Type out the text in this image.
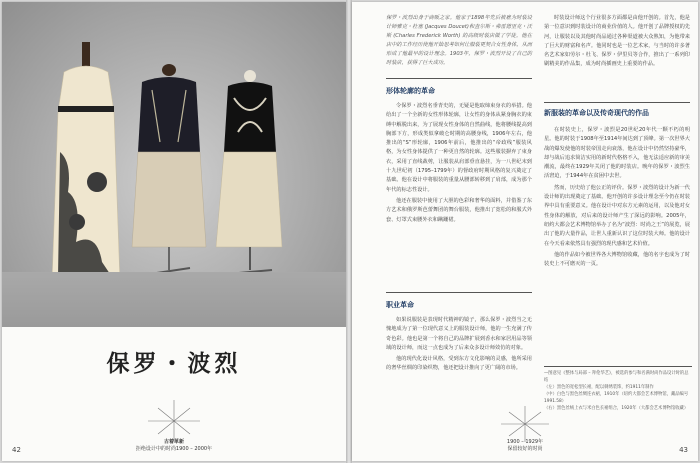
保罗・波烈
古着革新
拒绝设计中的时尚1900 – 2000年
42

保罗・波烈出身于商贩之家。他家于1898年先后被雇为时装设计师雅克・杜塞 (Jacques Doucet)和查尔斯・弗雷德里克・沃斯 (Charles Frederick Worth) 的高级时装店做了学徒。他在店中的工作经历使他开始思考如何让服装更契合女性身体，从而形成了他最早的设计理念。1903年，保罗・波烈开设了自己的时装店，获得了巨大成功。

形体轮廓的革命

令保罗・波烈名垂青史的，无疑是他取缔束身衣的举措。他给出了一个全新的女性形体轮廓，让女性的身体从紧身胸衣的束缚中解脱出来，为了展现女性身体的自然曲线，他将腰线提高到胸部下方，形成类似拿破仑时期的高腰身线，1906年左右，他推出的“S”形轮廓，1906年前后，他推出的“帝政线”服装风格，为女性身体提供了一种更自然的轮廓。这些服装摒弃了束身衣，采用了直线裁剪，让服装从肩部垂直悬挂，为一八世纪末到十九世纪初（1795–1799年）的督政府时期风格的复兴奠定了基础。他在设计中将服装的重量从腰部转移到了肩部，成为那个年代的标志性设计。

他还在服装中使用了大胆的色彩和奢华的面料，并借鉴了东方艺术和俄罗斯芭蕾舞团的舞台服装，他推出了宽松的和服式外套、灯罩式束腰外衣和蹒跚裙。

职业革命

如果说服装是表现时代精神的镜子，那么保罗・波烈当之无愧地成为了第一位现代意义上的服装设计师，他的一生充满了传奇色彩。他也是第一个将自己的品牌扩展到香水和家居用品等领域的设计师，而这一点也成为了后来众多设计师效仿的对象。

他的现代化设计风格，受到东方文化影响的灵感，他所采用的奢华丝绸的印染织物，他还把设计推向了更广阔的市场。

时装设计师这个行业很多方面都是由他开创的。首先，他是第一位意识到时装设计的商业价值的人。他开创了品牌授权的先河，让服装以及其他时尚品通过各种渠道被大众熟知，为他带来了巨大的财富和名声。他同时也是一位艺术家，与当时的许多著名艺术家如劳尔・杜飞、保罗・伊里贝等合作，推出了一系列印刷精美的作品集，成为时尚插画史上重要的作品。

新服装的革命以及传奇现代的作品

在时装史上，保罗・波烈是20世纪20年代一颗不朽的明星。他的时装于1908年至1914年间达到了顶峰。第一次世界大战的爆发使他的时装帝国走向衰落，他在设计中仍然坚持豪华，却与战后追求简洁实用的新时代格格不入，他无法适应新的审美潮流，最终在1929年关闭了他的时装店。晚年的保罗・波烈生活窘迫，于1944年在贫困中去世。

然而，历史给了他公正的评价。保罗・波烈的设计为新一代设计师的出现奠定了基础。他开创的许多设计理念至今仍在时装界中具有重要意义。他在设计中对东方元素的运用，以及他对女性身体的解放，对后来的设计师产生了深远的影响。2005年，纽约大都会艺术博物馆举办了名为“波烈：时尚之王”的展览，展出了他的大量作品，让世人重新认识了这位时装大师。他的设计在今天看来依然具有强烈的现代感和艺术价值。

他的作品如今被世界各大博物馆收藏，他的名字也成为了时装史上不可磨灭的一页。

—图意见《整体与局部 – 拜伦华艺》，被选的参与和名满时尚作品设计时的总结
（左）黑色的宽松型长裙，配以刺绣装饰，约1911年制作
（中）白色与黑色丝绸连衣裙，1910年（纽约大都会艺术博物馆，藏品编号1991.58）
（右）黑色丝绒上衣与米白色长裙组合，1920年（大都会艺术博物馆收藏）
1900 – 1929年
保留较好的时尚	43
